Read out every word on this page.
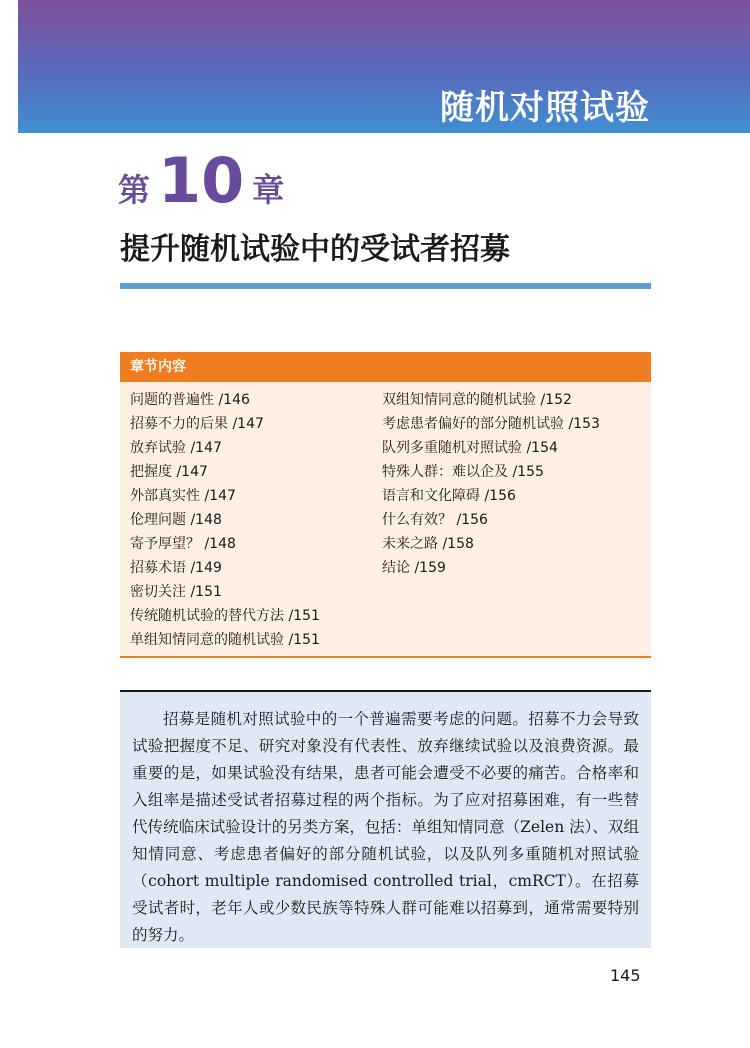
随机对照试验
第 10 章
提升随机试验中的受试者招募
章节内容
问题的普遍性 /146
招募不力的后果 /147
放弃试验 /147
把握度 /147
外部真实性 /147
伦理问题 /148
寄予厚望？ /148
招募术语 /149
密切关注 /151
传统随机试验的替代方法 /151
单组知情同意的随机试验 /151
双组知情同意的随机试验 /152
考虑患者偏好的部分随机试验 /153
队列多重随机对照试验 /154
特殊人群：难以企及 /155
语言和文化障碍 /156
什么有效？ /156
未来之路 /158
结论 /159
招募是随机对照试验中的一个普遍需要考虑的问题。招募不力会导致试验把握度不足、研究对象没有代表性、放弃继续试验以及浪费资源。最重要的是，如果试验没有结果，患者可能会遭受不必要的痛苦。合格率和入组率是描述受试者招募过程的两个指标。为了应对招募困难，有一些替代传统临床试验设计的另类方案，包括：单组知情同意（Zelen 法）、双组知情同意、考虑患者偏好的部分随机试验，以及队列多重随机对照试验（cohort multiple randomised controlled trial，cmRCT）。在招募受试者时，老年人或少数民族等特殊人群可能难以招募到，通常需要特别的努力。
145
